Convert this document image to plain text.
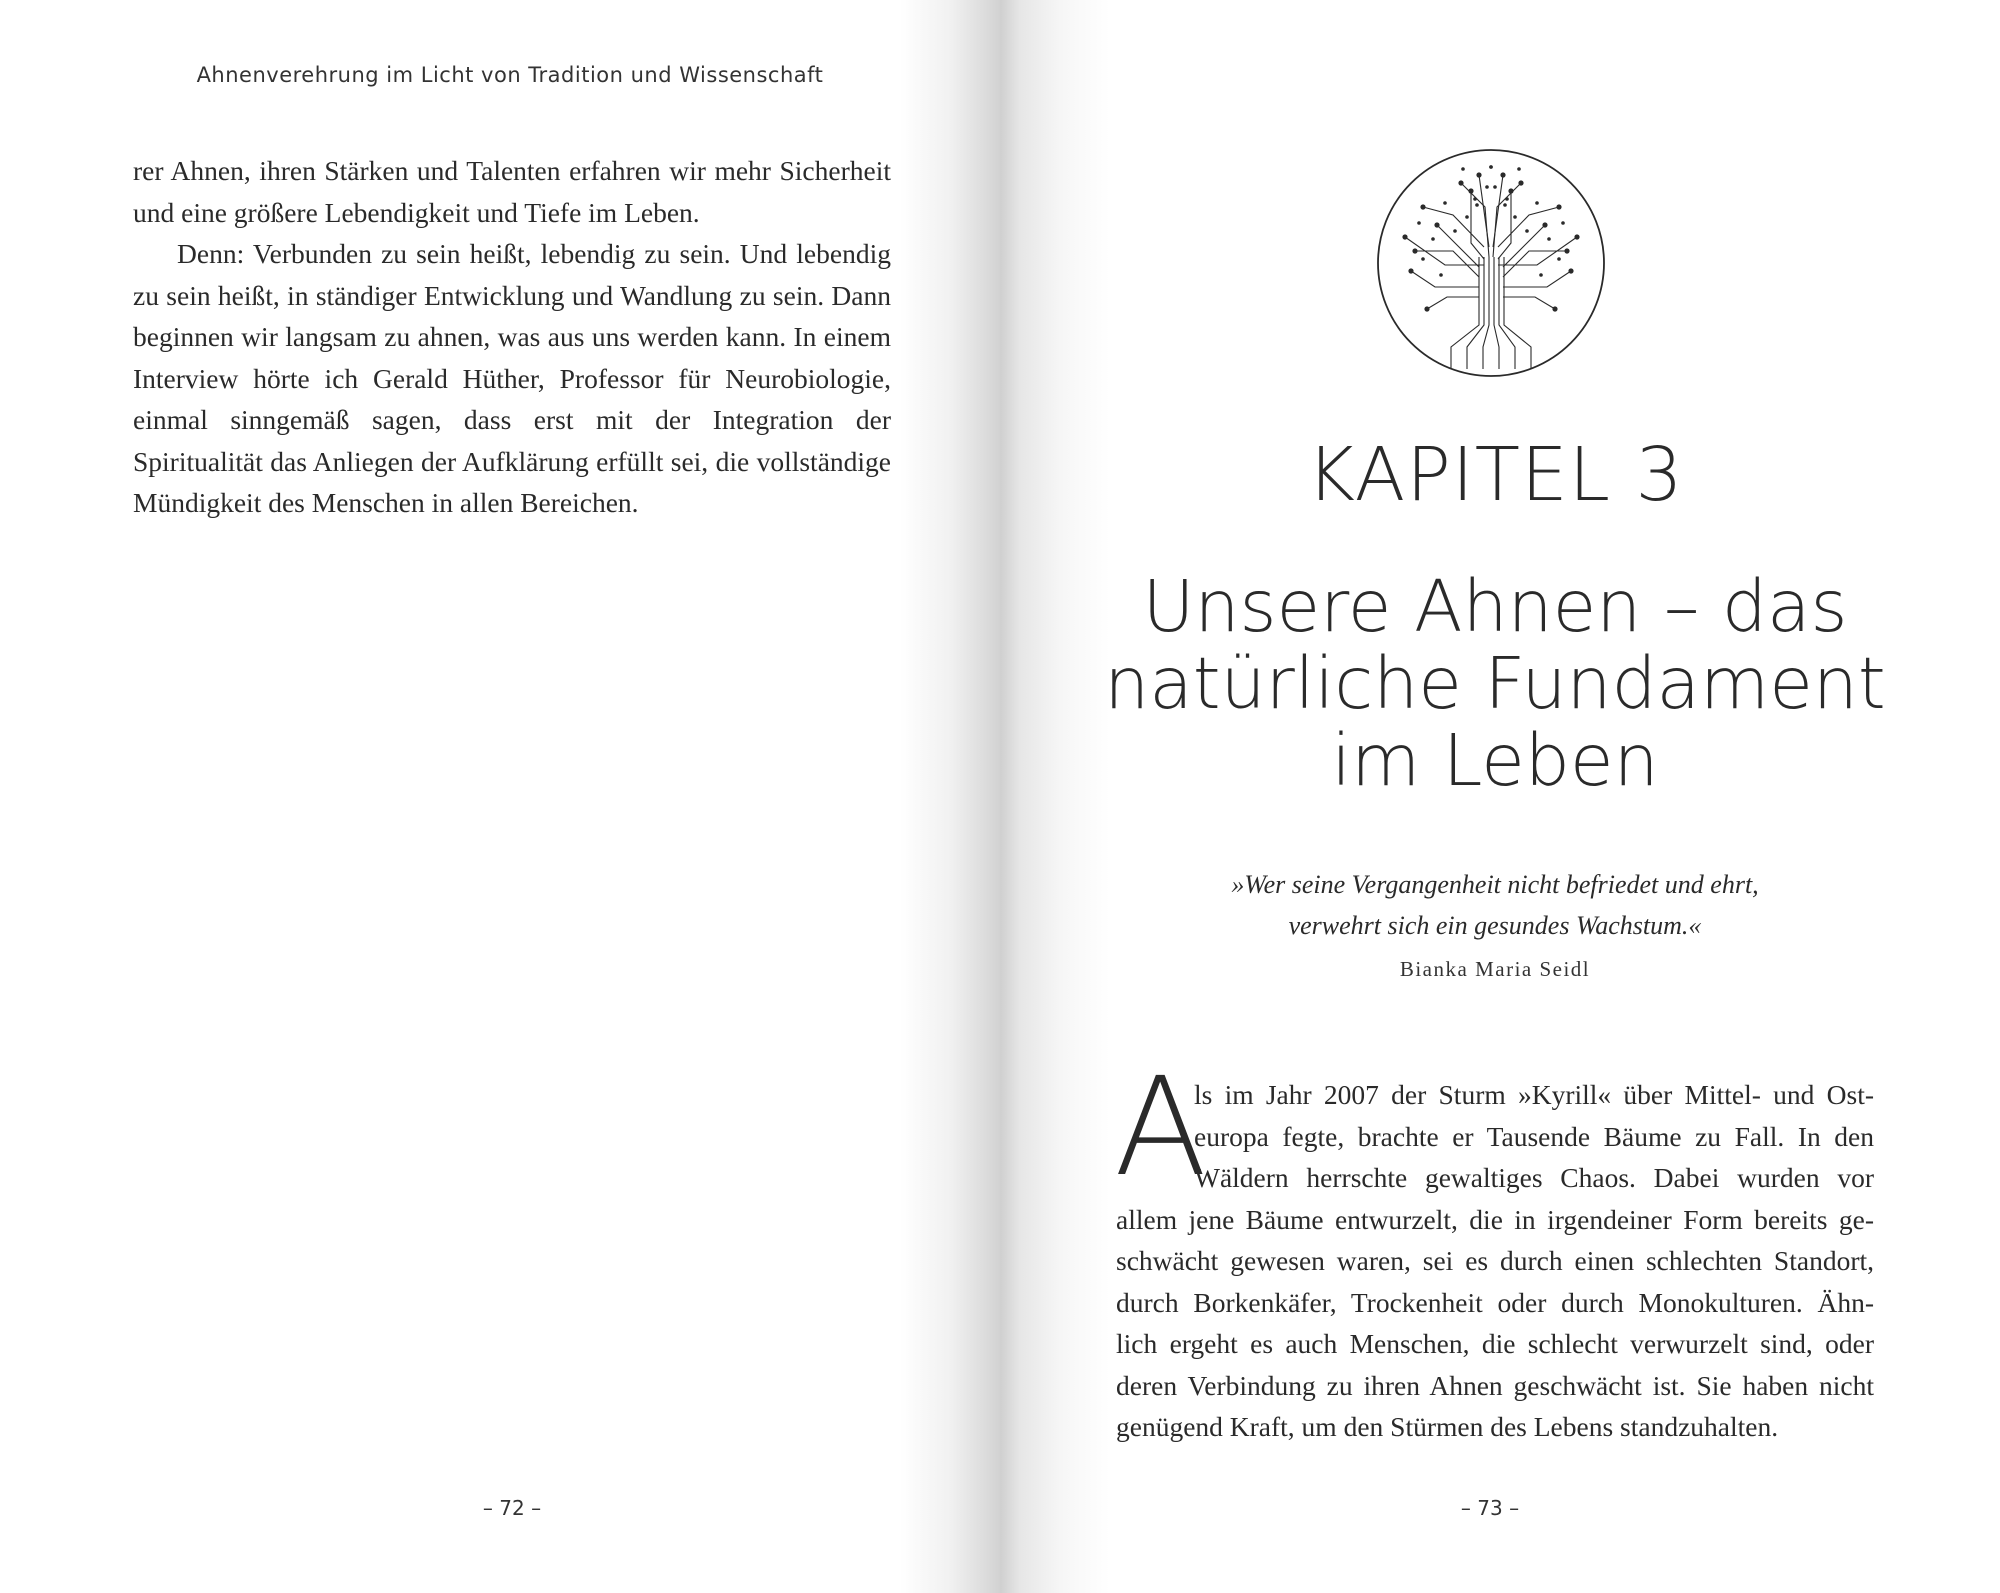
Ahnenverehrung im Licht von Tradition und Wissenschaft

rer Ahnen, ihren Stärken und Talenten erfahren wir mehr Sicherheit und eine größere Lebendigkeit und Tiefe im Leben.

Denn: Verbunden zu sein heißt, lebendig zu sein. Und lebendig zu sein heißt, in ständiger Entwicklung und Wandlung zu sein. Dann beginnen wir langsam zu ahnen, was aus uns werden kann. In einem Interview hörte ich Gerald Hüther, Professor für Neurobiologie, einmal sinngemäß sagen, dass erst mit der Integration der Spiritualität das Anliegen der Aufklärung erfüllt sei, die vollständige Mündigkeit des Menschen in allen Bereichen.

– 72 –
KAPITEL 3
Unsere Ahnen – das
natürliche Fundament
im Leben
»Wer seine Vergangenheit nicht befriedet und ehrt,
verwehrt sich ein gesundes Wachstum.«
Bianka Maria Seidl
A
ls im Jahr 2007 der Sturm »Kyrill« über Mittel- und Ost-
europa fegte, brachte er Tausende Bäume zu Fall. In den
Wäldern herrschte gewaltiges Chaos. Dabei wurden vor
allem jene Bäume entwurzelt, die in irgendeiner Form bereits ge-
schwächt gewesen waren, sei es durch einen schlechten Standort,
durch Borkenkäfer, Trockenheit oder durch Monokulturen. Ähn-
lich ergeht es auch Menschen, die schlecht verwurzelt sind, oder
deren Verbindung zu ihren Ahnen geschwächt ist. Sie haben nicht
genügend Kraft, um den Stürmen des Lebens standzuhalten.
– 73 –
